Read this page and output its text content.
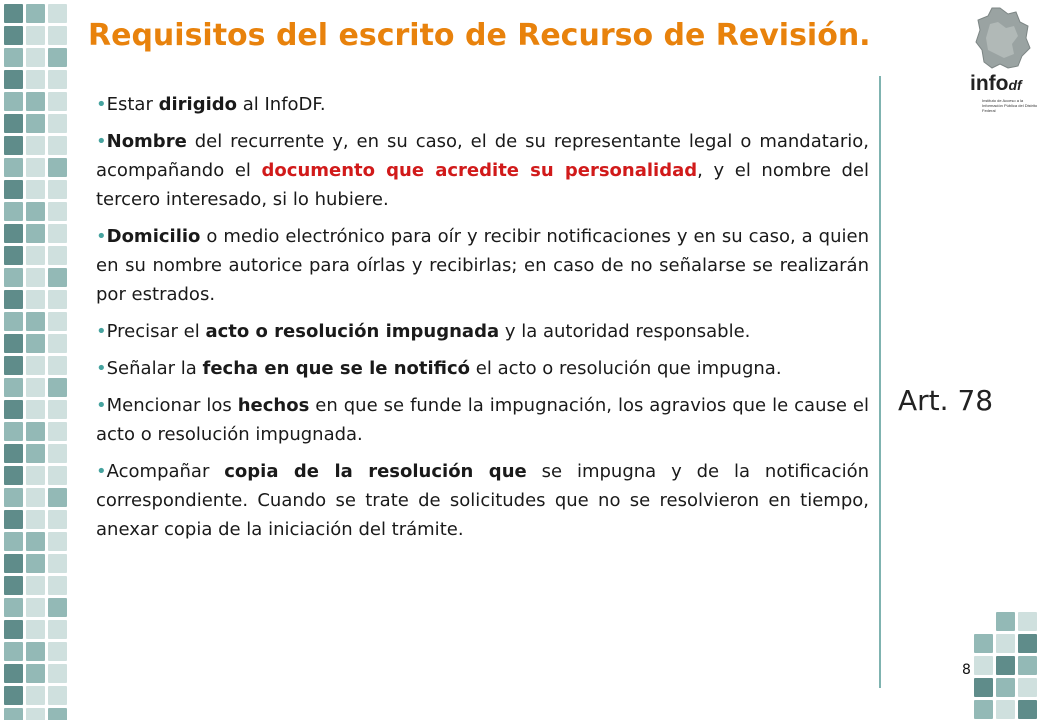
Requisitos del escrito de Recurso de Revisión.

•Estar dirigido al InfoDF.

•Nombre del recurrente y, en su caso, el de su representante legal o mandatario, acompañando el documento que acredite su personalidad, y el nombre del tercero interesado, si lo hubiere.

•Domicilio o medio electrónico para oír y recibir notificaciones y en su caso, a quien en su nombre autorice para oírlas y recibirlas; en caso de no señalarse se realizarán por estrados.

•Precisar el acto o resolución impugnada y la autoridad responsable.

•Señalar la fecha en que se le notificó el acto o resolución que impugna.

•Mencionar los hechos en que se funde la impugnación, los agravios que le cause el acto o resolución impugnada.

•Acompañar copia de la resolución que se impugna y de la notificación correspondiente. Cuando se trate de solicitudes que no se resolvieron en tiempo, anexar copia de la iniciación del trámite.

Art. 78
8
infodf
Instituto de Acceso a la Información Pública del Distrito Federal
